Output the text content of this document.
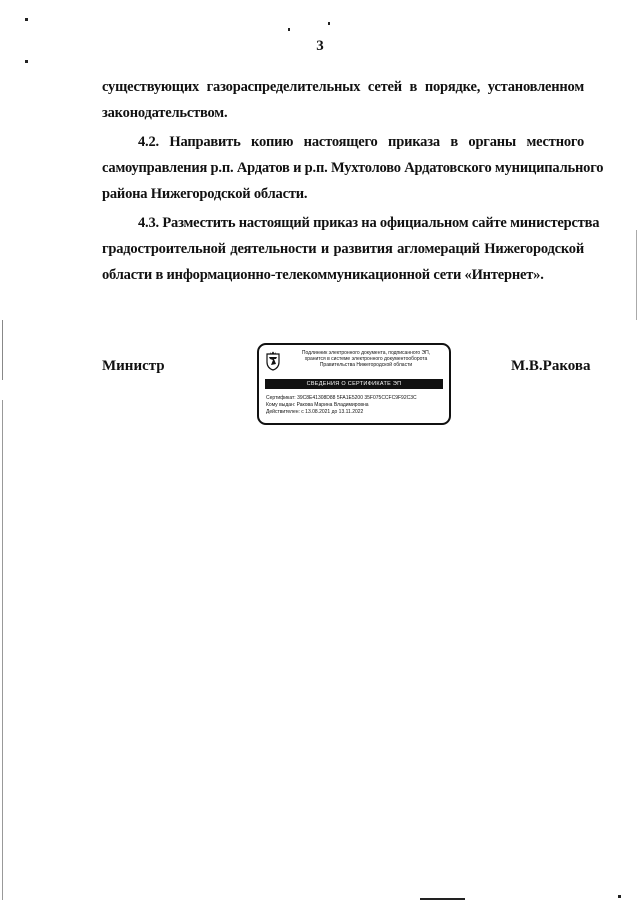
3
существующих газораспределительных сетей в порядке, установленном
законодательством.
4.2. Направить копию настоящего приказа в органы местного
самоуправления р.п. Ардатов и р.п. Мухтолово Ардатовского муниципального
района Нижегородской области.
4.3. Разместить настоящий приказ на официальном сайте министерства
градостроительной деятельности и развития агломераций Нижегородской
области в информационно-телекоммуникационной сети «Интернет».
Министр	М.В.Ракова
Подлинник электронного документа, подписанного ЭП,
хранится в системе электронного документооборота
Правительства Нижегородской области
СВЕДЕНИЯ О СЕРТИФИКАТЕ ЭП
Сертификат: 39C8E41308D88 5FA1E5200 35F075CCFC9F92C3C
Кому выдан: Ракова Марина Владимировна
Действителен: с 13.08.2021 до 13.11.2022
